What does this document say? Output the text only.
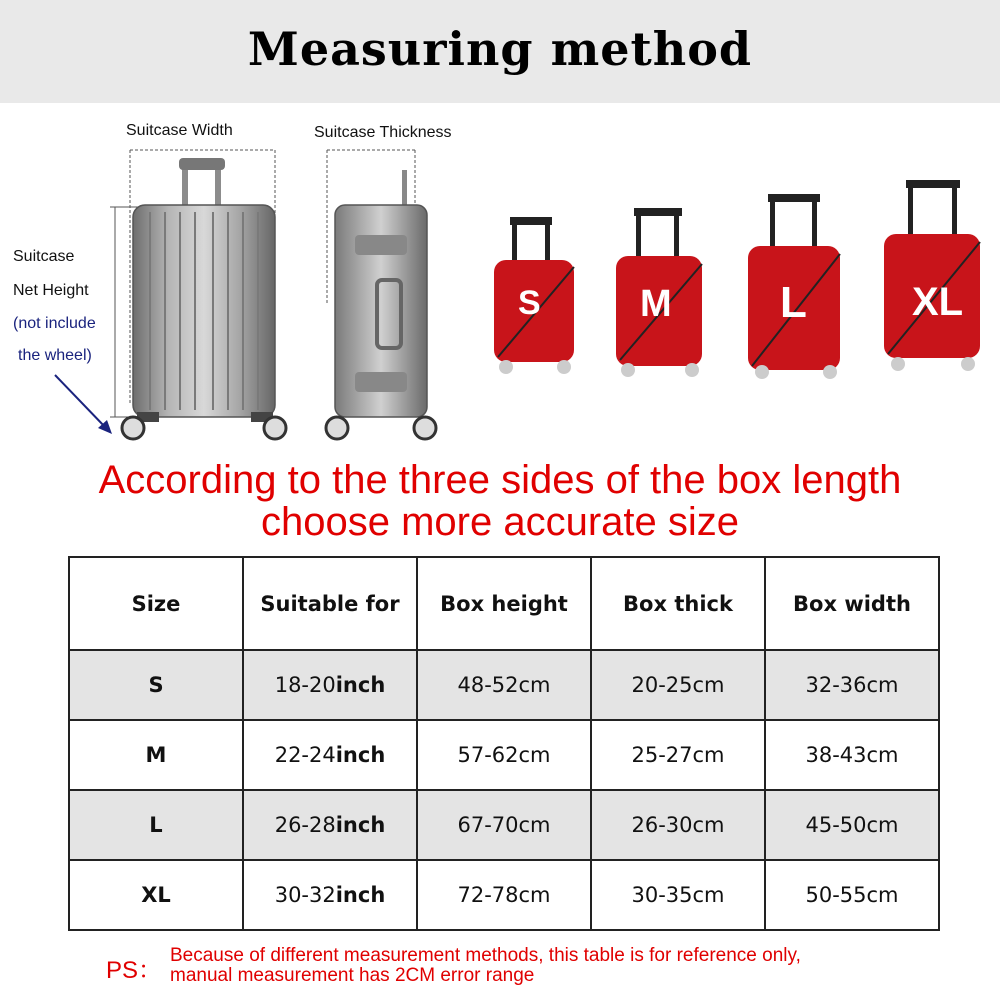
Measuring method
Suitcase Width	Suitcase Thickness
Suitcase
Net Height
(not include
the wheel)
S	M L	XL
According to the three sides of the box length
choose more accurate size
Size	Suitable for	Box height	Box thick	Box width
S	18-20inch	48-52cm	20-25cm	32-36cm
M	22-24inch	57-62cm	25-27cm	38-43cm
L	26-28inch	67-70cm	26-30cm	45-50cm
XL	30-32inch	72-78cm	30-35cm	50-55cm
PS：
Because of different measurement methods, this table is for reference only,
manual measurement has 2CM error range
